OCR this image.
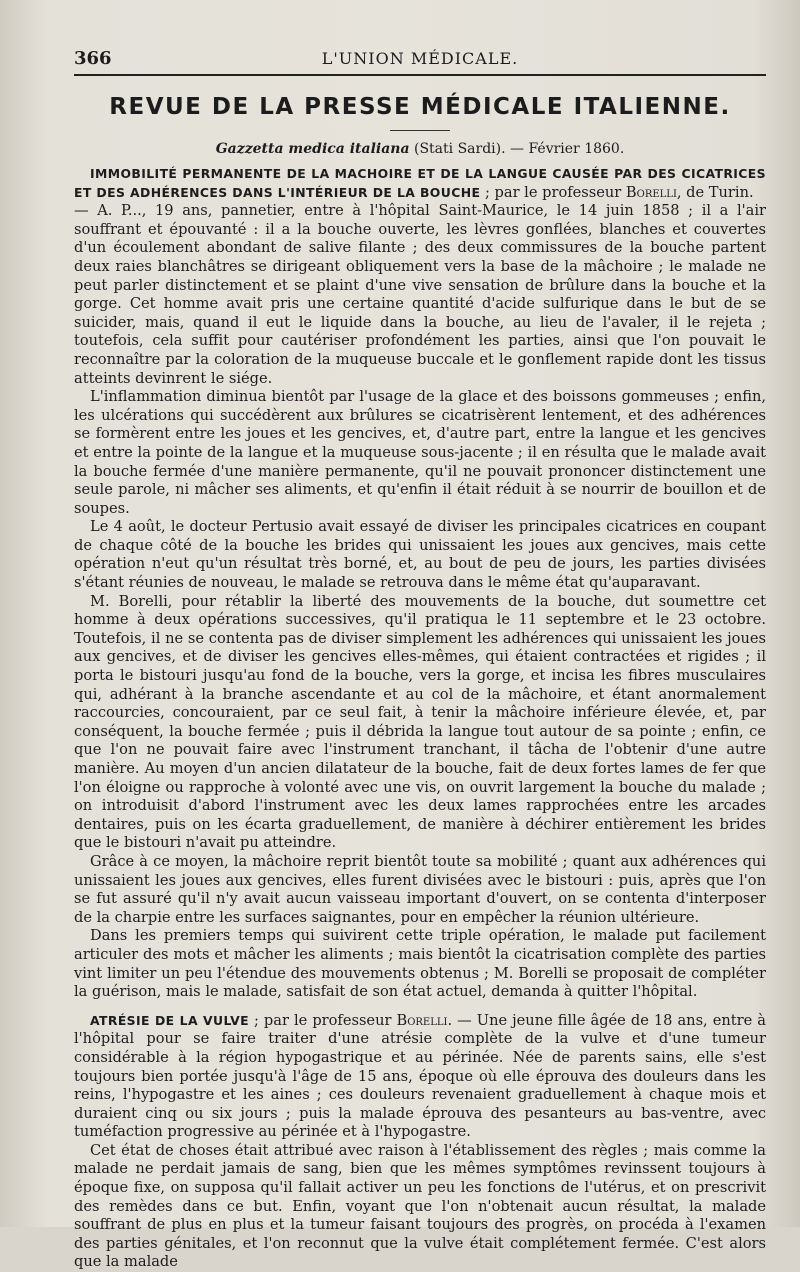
366	L'UNION MÉDICALE.
REVUE DE LA PRESSE MÉDICALE ITALIENNE.
Gazzetta medica italiana (Stati Sardi). — Février 1860.

IMMOBILITÉ PERMANENTE DE LA MACHOIRE ET DE LA LANGUE CAUSÉE PAR DES CICATRICES ET DES ADHÉRENCES DANS L'INTÉRIEUR DE LA BOUCHE ; par le professeur Borelli, de Turin.

— A. P..., 19 ans, pannetier, entre à l'hôpital Saint-Maurice, le 14 juin 1858 ; il a l'air souffrant et épouvanté : il a la bouche ouverte, les lèvres gonflées, blanches et couvertes d'un écoulement abondant de salive filante ; des deux commissures de la bouche partent deux raies blanchâtres se dirigeant obliquement vers la base de la mâchoire ; le malade ne peut parler distinctement et se plaint d'une vive sensation de brûlure dans la bouche et la gorge. Cet homme avait pris une certaine quantité d'acide sulfurique dans le but de se suicider, mais, quand il eut le liquide dans la bouche, au lieu de l'avaler, il le rejeta ; toutefois, cela suffit pour cautériser profondément les parties, ainsi que l'on pouvait le reconnaître par la coloration de la muqueuse buccale et le gonflement rapide dont les tissus atteints devinrent le siége.

L'inflammation diminua bientôt par l'usage de la glace et des boissons gommeuses ; enfin, les ulcérations qui succédèrent aux brûlures se cicatrisèrent lentement, et des adhérences se formèrent entre les joues et les gencives, et, d'autre part, entre la langue et les gencives et entre la pointe de la langue et la muqueuse sous-jacente ; il en résulta que le malade avait la bouche fermée d'une manière permanente, qu'il ne pouvait prononcer distinctement une seule parole, ni mâcher ses aliments, et qu'enfin il était réduit à se nourrir de bouillon et de soupes.

Le 4 août, le docteur Pertusio avait essayé de diviser les principales cicatrices en coupant de chaque côté de la bouche les brides qui unissaient les joues aux gencives, mais cette opération n'eut qu'un résultat très borné, et, au bout de peu de jours, les parties divisées s'étant réunies de nouveau, le malade se retrouva dans le même état qu'auparavant.

M. Borelli, pour rétablir la liberté des mouvements de la bouche, dut soumettre cet homme à deux opérations successives, qu'il pratiqua le 11 septembre et le 23 octobre. Toutefois, il ne se contenta pas de diviser simplement les adhérences qui unissaient les joues aux gencives, et de diviser les gencives elles-mêmes, qui étaient contractées et rigides ; il porta le bistouri jusqu'au fond de la bouche, vers la gorge, et incisa les fibres musculaires qui, adhérant à la branche ascendante et au col de la mâchoire, et étant anormalement raccourcies, concouraient, par ce seul fait, à tenir la mâchoire inférieure élevée, et, par conséquent, la bouche fermée ; puis il débrida la langue tout autour de sa pointe ; enfin, ce que l'on ne pouvait faire avec l'instrument tranchant, il tâcha de l'obtenir d'une autre manière. Au moyen d'un ancien dilatateur de la bouche, fait de deux fortes lames de fer que l'on éloigne ou rapproche à volonté avec une vis, on ouvrit largement la bouche du malade ; on introduisit d'abord l'instrument avec les deux lames rapprochées entre les arcades dentaires, puis on les écarta graduellement, de manière à déchirer entièrement les brides que le bistouri n'avait pu atteindre.

Grâce à ce moyen, la mâchoire reprit bientôt toute sa mobilité ; quant aux adhérences qui unissaient les joues aux gencives, elles furent divisées avec le bistouri : puis, après que l'on se fut assuré qu'il n'y avait aucun vaisseau important d'ouvert, on se contenta d'interposer de la charpie entre les surfaces saignantes, pour en empêcher la réunion ultérieure.

Dans les premiers temps qui suivirent cette triple opération, le malade put facilement articuler des mots et mâcher les aliments ; mais bientôt la cicatrisation complète des parties vint limiter un peu l'étendue des mouvements obtenus ; M. Borelli se proposait de compléter la guérison, mais le malade, satisfait de son état actuel, demanda à quitter l'hôpital.

ATRÉSIE DE LA VULVE ; par le professeur Borelli. — Une jeune fille âgée de 18 ans, entre à l'hôpital pour se faire traiter d'une atrésie complète de la vulve et d'une tumeur considérable à la région hypogastrique et au périnée. Née de parents sains, elle s'est toujours bien portée jusqu'à l'âge de 15 ans, époque où elle éprouva des douleurs dans les reins, l'hypogastre et les aines ; ces douleurs revenaient graduellement à chaque mois et duraient cinq ou six jours ; puis la malade éprouva des pesanteurs au bas-ventre, avec tuméfaction progressive au périnée et à l'hypogastre.

Cet état de choses était attribué avec raison à l'établissement des règles ; mais comme la malade ne perdait jamais de sang, bien que les mêmes symptômes revinssent toujours à époque fixe, on supposa qu'il fallait activer un peu les fonctions de l'utérus, et on prescrivit des remèdes dans ce but. Enfin, voyant que l'on n'obtenait aucun résultat, la malade souffrant de plus en plus et la tumeur faisant toujours des progrès, on procéda à l'examen des parties génitales, et l'on reconnut que la vulve était complétement fermée. C'est alors que la malade
